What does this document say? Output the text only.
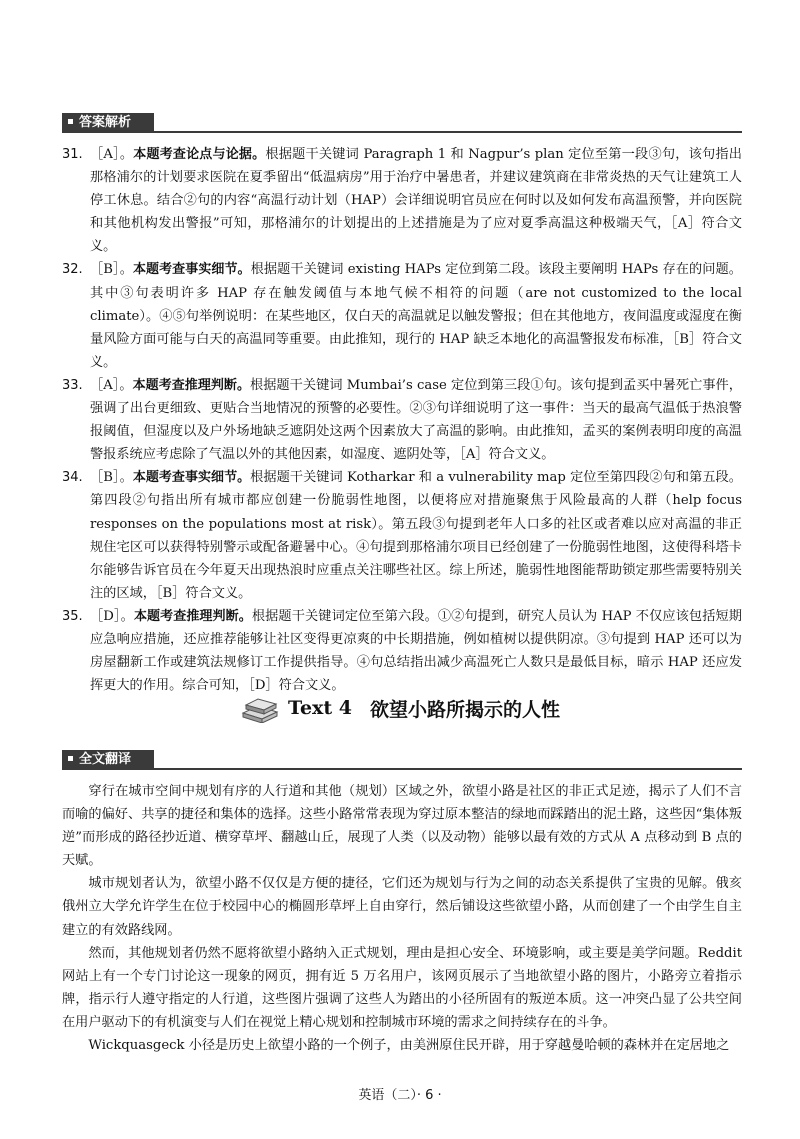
答案解析
31. ［A］。本题考查论点与论据。根据题干关键词 Paragraph 1 和 Nagpur’s plan 定位至第一段③句，该句指出那格浦尔的计划要求医院在夏季留出“低温病房”用于治疗中暑患者，并建议建筑商在非常炎热的天气让建筑工人停工休息。结合②句的内容“高温行动计划（HAP）会详细说明官员应在何时以及如何发布高温预警，并向医院和其他机构发出警报”可知，那格浦尔的计划提出的上述措施是为了应对夏季高温这种极端天气，［A］符合文义。
32. ［B］。本题考查事实细节。根据题干关键词 existing HAPs 定位到第二段。该段主要阐明 HAPs 存在的问题。其中③句表明许多 HAP 存在触发阈值与本地气候不相符的问题（are not customized to the local climate）。④⑤句举例说明：在某些地区，仅白天的高温就足以触发警报；但在其他地方，夜间温度或湿度在衡量风险方面可能与白天的高温同等重要。由此推知，现行的 HAP 缺乏本地化的高温警报发布标准，［B］符合文义。
33. ［A］。本题考查推理判断。根据题干关键词 Mumbai’s case 定位到第三段①句。该句提到孟买中暑死亡事件，强调了出台更细致、更贴合当地情况的预警的必要性。②③句详细说明了这一事件：当天的最高气温低于热浪警报阈值，但湿度以及户外场地缺乏遮阴处这两个因素放大了高温的影响。由此推知，孟买的案例表明印度的高温警报系统应考虑除了气温以外的其他因素，如湿度、遮阴处等，［A］符合文义。
34. ［B］。本题考查事实细节。根据题干关键词 Kotharkar 和 a vulnerability map 定位至第四段②句和第五段。第四段②句指出所有城市都应创建一份脆弱性地图，以便将应对措施聚焦于风险最高的人群（help focus responses on the populations most at risk）。第五段③句提到老年人口多的社区或者难以应对高温的非正规住宅区可以获得特别警示或配备避暑中心。④句提到那格浦尔项目已经创建了一份脆弱性地图，这使得科塔卡尔能够告诉官员在今年夏天出现热浪时应重点关注哪些社区。综上所述，脆弱性地图能帮助锁定那些需要特别关注的区域，［B］符合文义。
35. ［D］。本题考查推理判断。根据题干关键词定位至第六段。①②句提到，研究人员认为 HAP 不仅应该包括短期应急响应措施，还应推荐能够让社区变得更凉爽的中长期措施，例如植树以提供阴凉。③句提到 HAP 还可以为房屋翻新工作或建筑法规修订工作提供指导。④句总结指出减少高温死亡人数只是最低目标，暗示 HAP 还应发挥更大的作用。综合可知，［D］符合文义。
Text 4 欲望小路所揭示的人性
全文翻译

穿行在城市空间中规划有序的人行道和其他（规划）区域之外，欲望小路是社区的非正式足迹，揭示了人们不言而喻的偏好、共享的捷径和集体的选择。这些小路常常表现为穿过原本整洁的绿地而踩踏出的泥土路，这些因“集体叛逆”而形成的路径抄近道、横穿草坪、翻越山丘，展现了人类（以及动物）能够以最有效的方式从 A 点移动到 B 点的天赋。

城市规划者认为，欲望小路不仅仅是方便的捷径，它们还为规划与行为之间的动态关系提供了宝贵的见解。俄亥俄州立大学允许学生在位于校园中心的椭圆形草坪上自由穿行，然后铺设这些欲望小路，从而创建了一个由学生自主建立的有效路线网。

然而，其他规划者仍然不愿将欲望小路纳入正式规划，理由是担心安全、环境影响，或主要是美学问题。Reddit 网站上有一个专门讨论这一现象的网页，拥有近 5 万名用户，该网页展示了当地欲望小路的图片，小路旁立着指示牌，指示行人遵守指定的人行道，这些图片强调了这些人为踏出的小径所固有的叛逆本质。这一冲突凸显了公共空间在用户驱动下的有机演变与人们在视觉上精心规划和控制城市环境的需求之间持续存在的斗争。

Wickquasgeck 小径是历史上欲望小路的一个例子，由美洲原住民开辟，用于穿越曼哈顿的森林并在定居地之

英语（二）· 6 ·
